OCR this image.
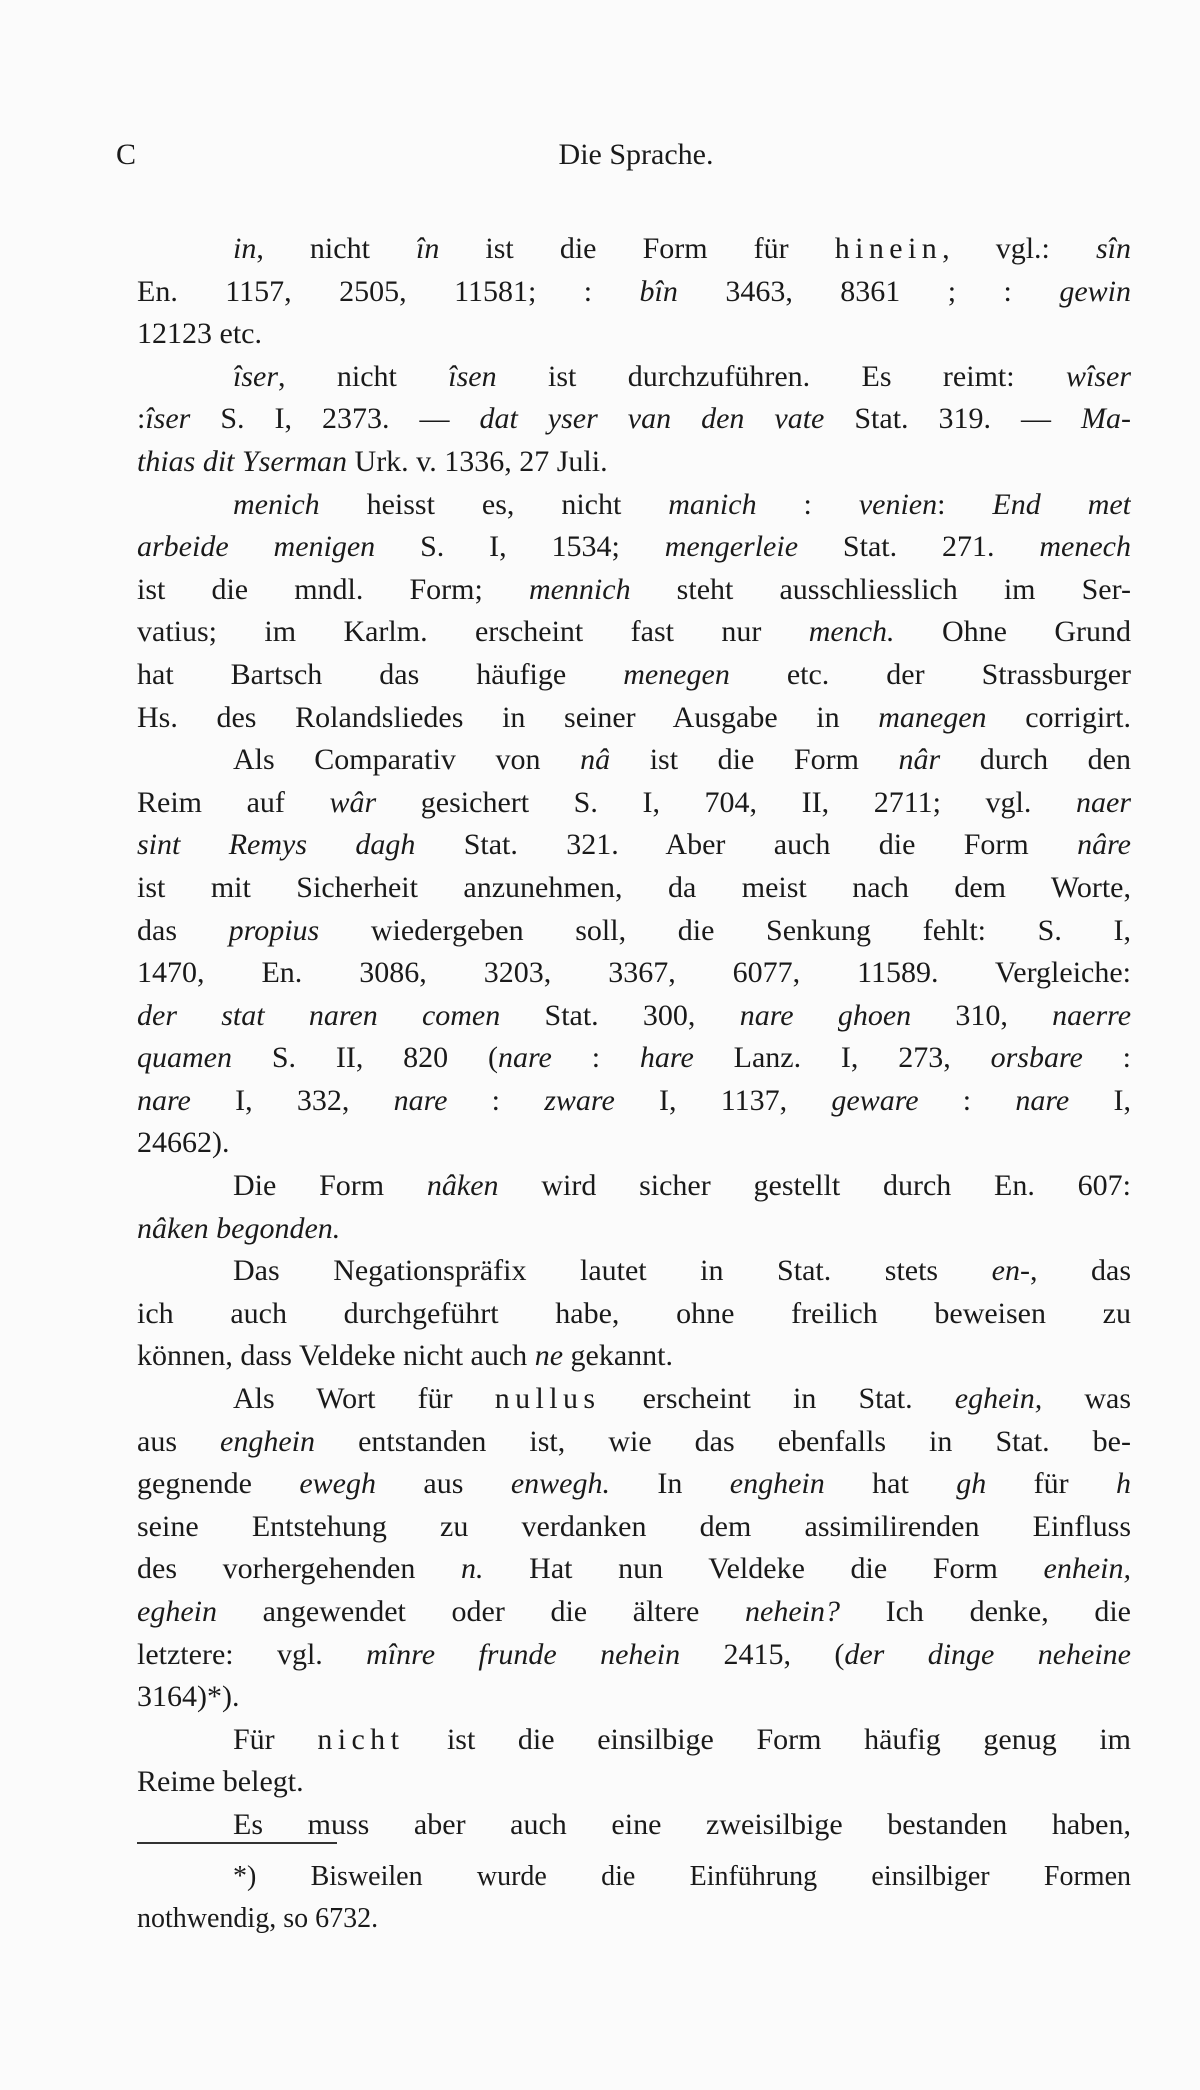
C	Die Sprache.
in, nicht în ist die Form für hinein, vgl.: sîn
En. 1157, 2505, 11581; : bîn 3463, 8361 ; : gewin
12123 etc.
îser, nicht îsen ist durchzuführen. Es reimt: wîser
:îser S. I, 2373. — dat yser van den vate Stat. 319. — Ma-
thias dit Yserman Urk. v. 1336, 27 Juli.
menich heisst es, nicht manich : venien: End met
arbeide menigen S. I, 1534; mengerleie Stat. 271. menech
ist die mndl. Form; mennich steht ausschliesslich im Ser-
vatius; im Karlm. erscheint fast nur mench. Ohne Grund
hat Bartsch das häufige menegen etc. der Strassburger
Hs. des Rolandsliedes in seiner Ausgabe in manegen corrigirt.
Als Comparativ von nâ ist die Form nâr durch den
Reim auf wâr gesichert S. I, 704, II, 2711; vgl. naer
sint Remys dagh Stat. 321. Aber auch die Form nâre
ist mit Sicherheit anzunehmen, da meist nach dem Worte,
das propius wiedergeben soll, die Senkung fehlt: S. I,
1470, En. 3086, 3203, 3367, 6077, 11589. Vergleiche:
der stat naren comen Stat. 300, nare ghoen 310, naerre
quamen S. II, 820 (nare : hare Lanz. I, 273, orsbare :
nare I, 332, nare : zware I, 1137, geware : nare I,
24662).
Die Form nâken wird sicher gestellt durch En. 607:
nâken begonden.
Das Negationspräfix lautet in Stat. stets en-, das
ich auch durchgeführt habe, ohne freilich beweisen zu
können, dass Veldeke nicht auch ne gekannt.
Als Wort für nullus erscheint in Stat. eghein, was
aus enghein entstanden ist, wie das ebenfalls in Stat. be-
gegnende ewegh aus enwegh. In enghein hat gh für h
seine Entstehung zu verdanken dem assimilirenden Einfluss
des vorhergehenden n. Hat nun Veldeke die Form enhein,
eghein angewendet oder die ältere nehein? Ich denke, die
letztere: vgl. mînre frunde nehein 2415, (der dinge neheine
3164)*).
Für nicht ist die einsilbige Form häufig genug im
Reime belegt.
Es muss aber auch eine zweisilbige bestanden haben,
*) Bisweilen wurde die Einführung einsilbiger Formen
nothwendig, so 6732.
